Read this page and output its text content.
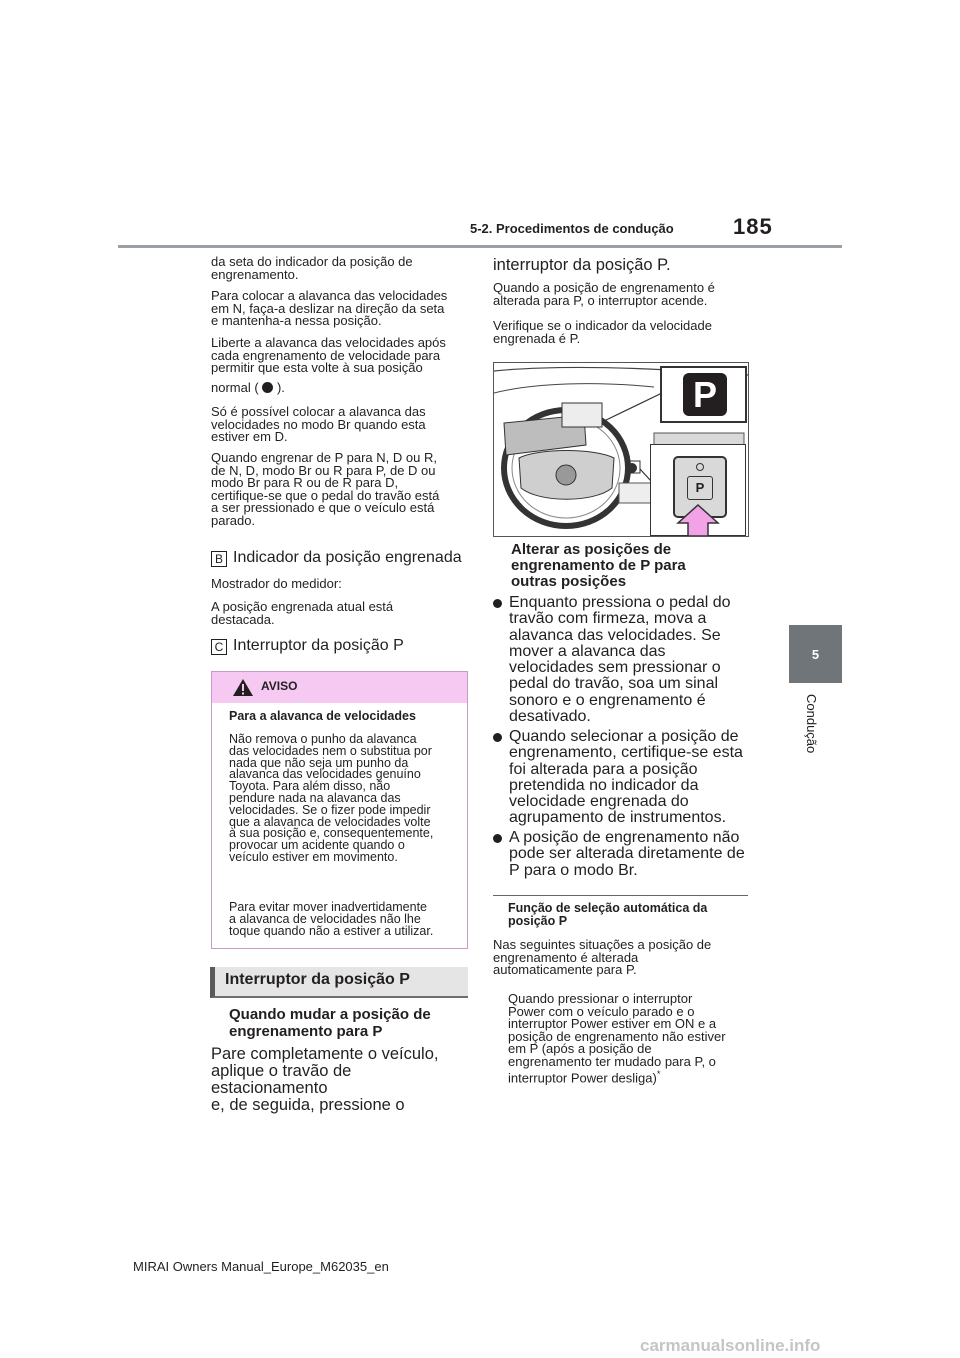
5-2. Procedimentos de condução	185
5
Condução
da seta do indicador da posição de
engrenamento.
Para colocar a alavanca das velocidades
em N, faça-a deslizar na direção da seta
e mantenha-a nessa posição.
Liberte a alavanca das velocidades após
cada engrenamento de velocidade para
permitir que esta volte à sua posição
normal ( ).
Só é possível colocar a alavanca das
velocidades no modo Br quando esta
estiver em D.
Quando engrenar de P para N, D ou R,
de N, D, modo Br ou R para P, de D ou
modo Br para R ou de R para D,
certifique-se que o pedal do travão está
a ser pressionado e que o veículo está
parado.
B Indicador da posição engrenada
Mostrador do medidor:
A posição engrenada atual está
destacada.
C Interruptor da posição P
AVISO
Para a alavanca de velocidades
Não remova o punho da alavanca
das velocidades nem o substitua por
nada que não seja um punho da
alavanca das velocidades genuíno
Toyota. Para além disso, não
pendure nada na alavanca das
velocidades. Se o fizer pode impedir
que a alavanca de velocidades volte
à sua posição e, consequentemente,
provocar um acidente quando o
veículo estiver em movimento.
Para evitar mover inadvertidamente
a alavanca de velocidades não lhe
toque quando não a estiver a utilizar.
Interruptor da posição P
Quando mudar a posição de
engrenamento para P
Pare completamente o veículo,
aplique o travão de estacionamento
e, de seguida, pressione o
interruptor da posição P.
Quando a posição de engrenamento é
alterada para P, o interruptor acende.
Verifique se o indicador da velocidade
engrenada é P.
P
P
Alterar as posições de
engrenamento de P para
outras posições
Enquanto pressiona o pedal do
travão com firmeza, mova a
alavanca das velocidades. Se
mover a alavanca das
velocidades sem pressionar o
pedal do travão, soa um sinal
sonoro e o engrenamento é
desativado.
Quando selecionar a posição de
engrenamento, certifique-se esta
foi alterada para a posição
pretendida no indicador da
velocidade engrenada do
agrupamento de instrumentos.
A posição de engrenamento não
pode ser alterada diretamente de
P para o modo Br.
Função de seleção automática da
posição P
Nas seguintes situações a posição de
engrenamento é alterada
automaticamente para P.
Quando pressionar o interruptor
Power com o veículo parado e o
interruptor Power estiver em ON e a
posição de engrenamento não estiver
em P (após a posição de
engrenamento ter mudado para P, o
interruptor Power desliga)*
MIRAI Owners Manual_Europe_M62035_en
carmanualsonline.info
